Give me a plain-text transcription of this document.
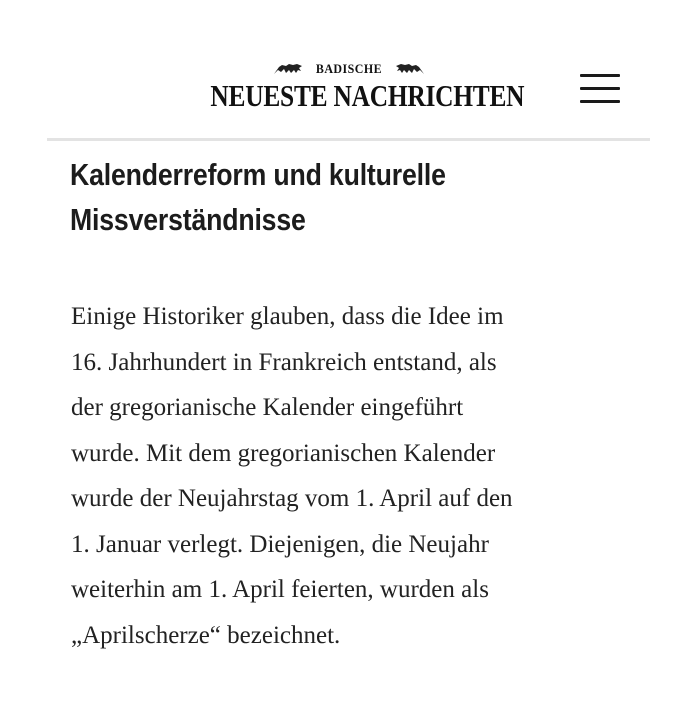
BADISCHE
NEUESTE NACHRICHTEN
Kalenderreform und kulturelle
Missverständnisse

Einige Historiker glauben, dass die Idee im
16. Jahrhundert in Frankreich entstand, als
der gregorianische Kalender eingeführt
wurde. Mit dem gregorianischen Kalender
wurde der Neujahrstag vom 1. April auf den
1. Januar verlegt. Diejenigen, die Neujahr
weiterhin am 1. April feierten, wurden als
„Aprilscherze“ bezeichnet.
